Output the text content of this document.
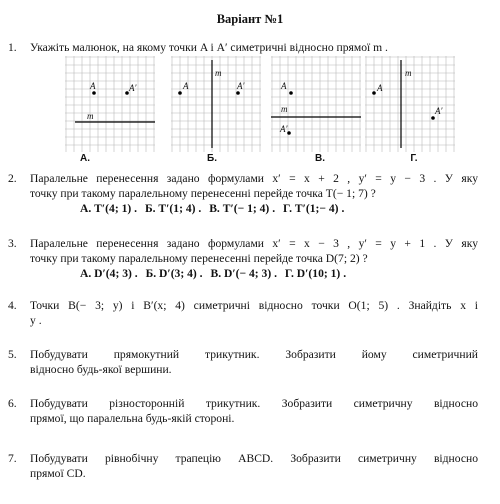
Варіант №1
1. Укажіть малюнок, на якому точки A і A′ симетричні відносно прямої m .
A	A′
m
А.
A	A′
m
Б.
A
A′
m
В.
A
A′
m
Г.
2. Паралельне перенесення задано формулами x′ = x + 2 , y′ = y − 3 . У яку
точку при такому паралельному перенесенні перейде точка T(− 1; 7) ?
А. T′(4; 1) . Б. T′(1; 4) . В. T′(− 1; 4) . Г. T′(1;− 4) .
3. Паралельне перенесення задано формулами x′ = x − 3 , y′ = y + 1 . У яку
точку при такому паралельному перенесенні перейде точка D(7; 2) ?
А. D′(4; 3) . Б. D′(3; 4) . В. D′(− 4; 3) . Г. D′(10; 1) .
4. Точки B(− 3; y) і B′(x; 4) симетричні відносно точки O(1; 5) . Знайдіть x і
y .
5. Побудувати прямокутний трикутник. Зобразити йому симетричний
відносно будь-якої вершини.
6. Побудувати різносторонній трикутник. Зобразити симетричну відносно
прямої, що паралельна будь-якій стороні.
7. Побудувати рівнобічну трапецію ABCD. Зобразити симетричну відносно
прямої CD.
